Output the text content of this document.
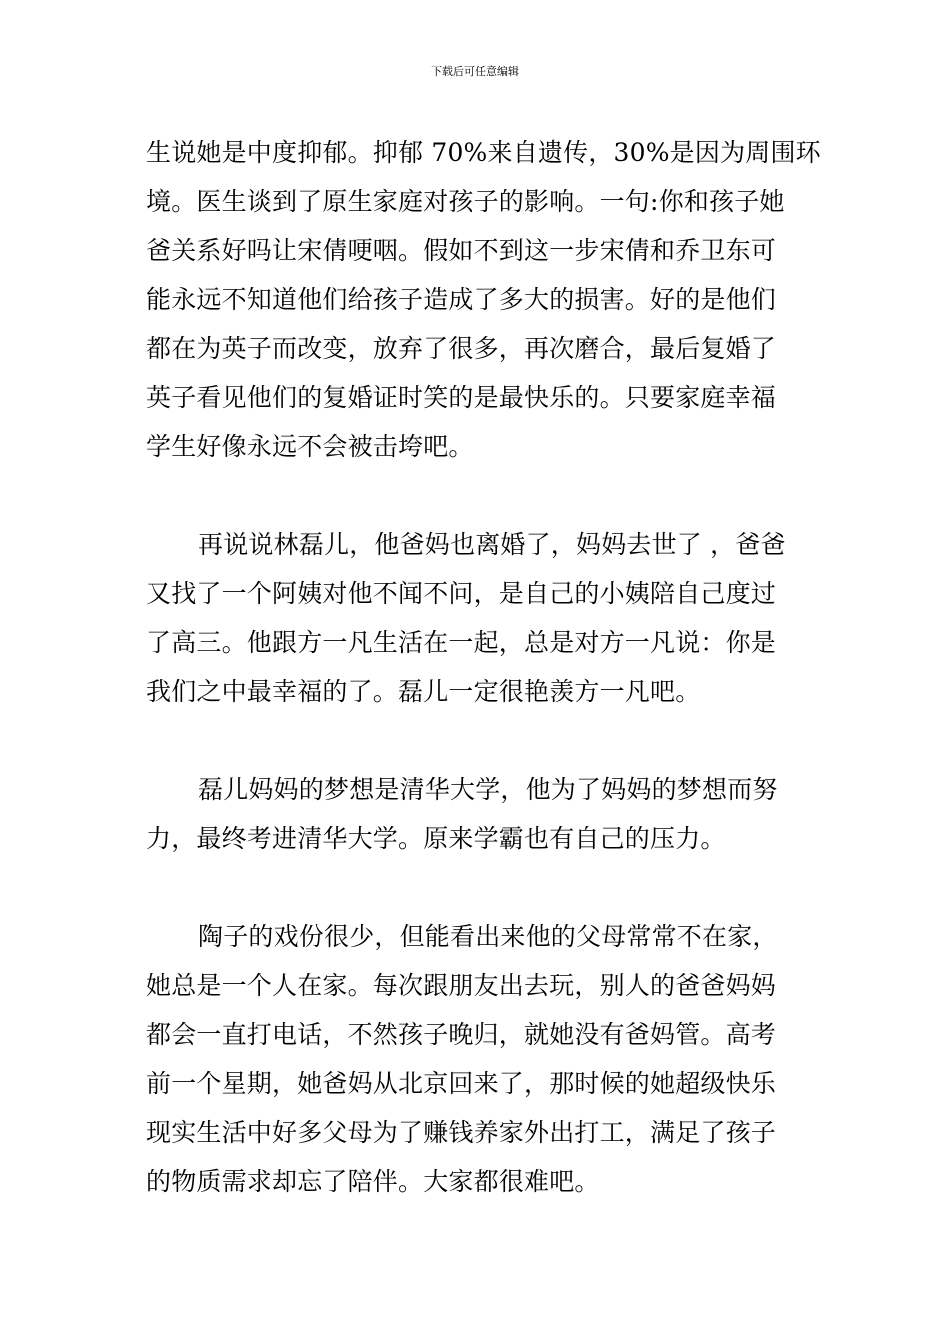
下载后可任意编辑
生说她是中度抑郁。抑郁 70%来自遗传，30%是因为周围环
境。医生谈到了原生家庭对孩子的影响。一句:你和孩子她
爸关系好吗让宋倩哽咽。假如不到这一步宋倩和乔卫东可
能永远不知道他们给孩子造成了多大的损害。好的是他们
都在为英子而改变，放弃了很多，再次磨合，最后复婚了
英子看见他们的复婚证时笑的是最快乐的。只要家庭幸福
学生好像永远不会被击垮吧。
再说说林磊儿，他爸妈也离婚了，妈妈去世了 ，爸爸
又找了一个阿姨对他不闻不问，是自己的小姨陪自己度过
了高三。他跟方一凡生活在一起，总是对方一凡说：你是
我们之中最幸福的了。磊儿一定很艳羡方一凡吧。
磊儿妈妈的梦想是清华大学，他为了妈妈的梦想而努
力，最终考进清华大学。原来学霸也有自己的压力。
陶子的戏份很少，但能看出来他的父母常常不在家，
她总是一个人在家。每次跟朋友出去玩，别人的爸爸妈妈
都会一直打电话，不然孩子晚归，就她没有爸妈管。高考
前一个星期，她爸妈从北京回来了，那时候的她超级快乐
现实生活中好多父母为了赚钱养家外出打工，满足了孩子
的物质需求却忘了陪伴。大家都很难吧。
